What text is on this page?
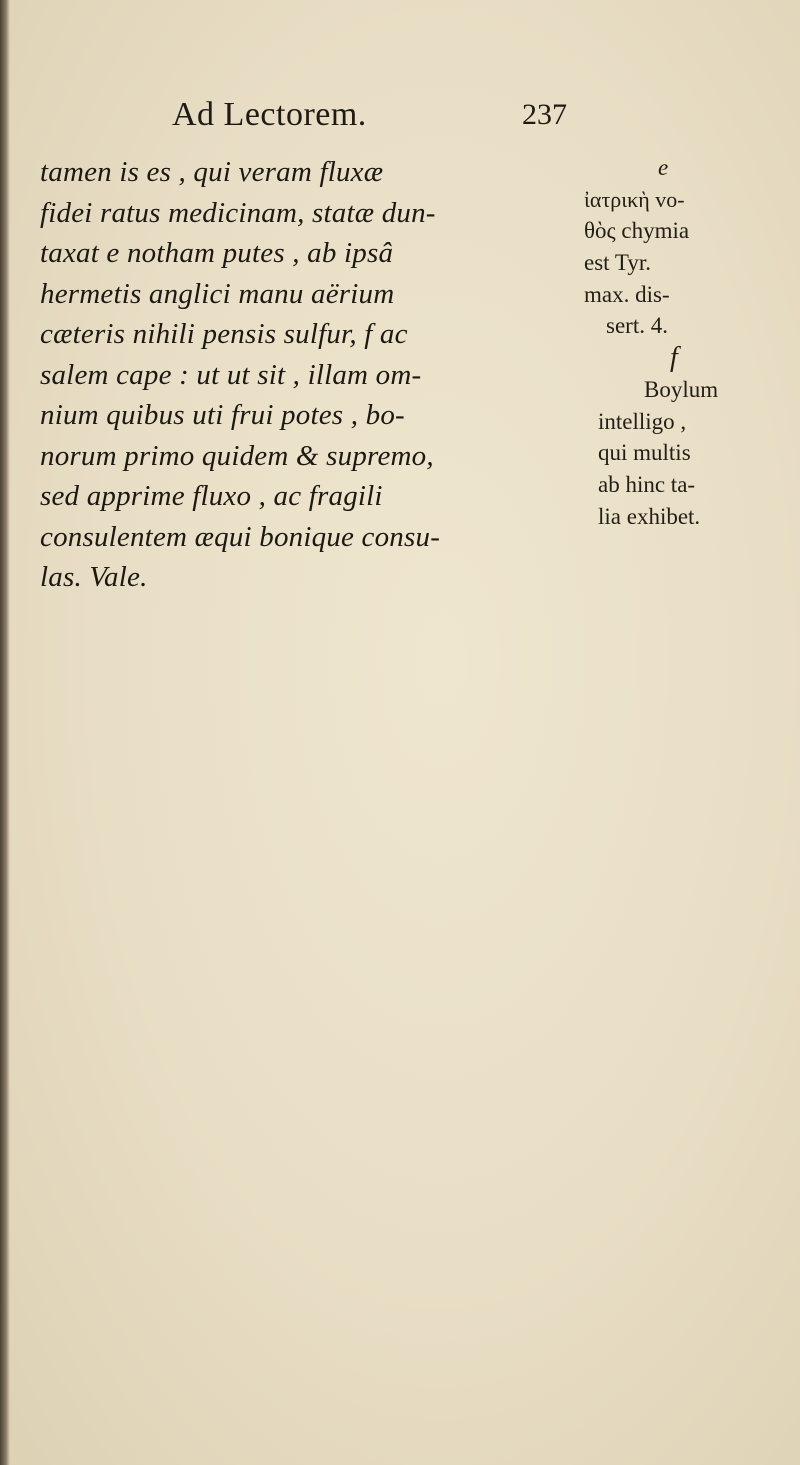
Ad Lectorem.	237
tamen is es , qui veram fluxæ
fidei ratus medicinam, statæ dun-
taxat e notham putes , ab ipsâ
hermetis anglici manu aërium
cæteris nihili pensis sulfur, f ac
salem cape : ut ut sit , illam om-
nium quibus uti frui potes , bo-
norum primo quidem & supremo,
sed apprime fluxo , ac fragili
consulentem æqui bonique consu-
las. Vale.
e
ἰατρικὴ vo-
θὸς chymia
est Tyr.
max. dis-
sert. 4.
f
Boylum
intelligo ,
qui multis
ab hinc ta-
lia exhibet.
